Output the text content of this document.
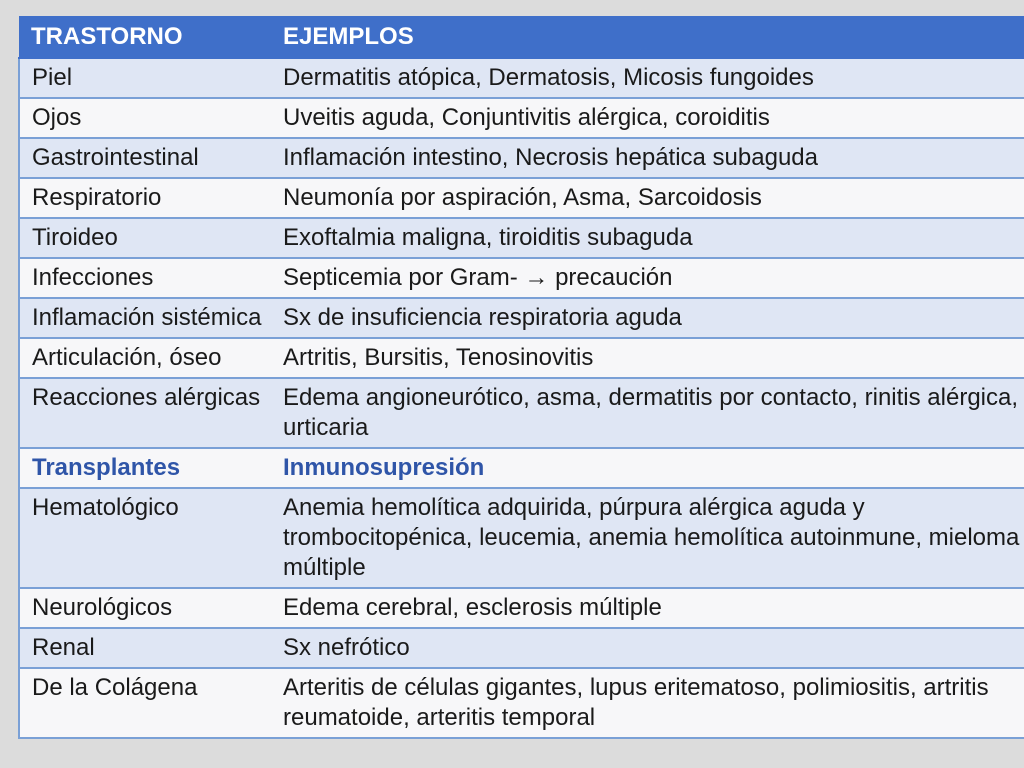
TRASTORNO	EJEMPLOS
Piel	Dermatitis atópica, Dermatosis, Micosis fungoides
Ojos	Uveitis aguda, Conjuntivitis alérgica, coroiditis
Gastrointestinal	Inflamación intestino, Necrosis hepática subaguda
Respiratorio	Neumonía por aspiración, Asma, Sarcoidosis
Tiroideo	Exoftalmia maligna, tiroiditis subaguda
Infecciones	Septicemia por Gram- → precaución
Inflamación sistémica	Sx de insuficiencia respiratoria aguda
Articulación, óseo	Artritis, Bursitis, Tenosinovitis
Reacciones alérgicas	Edema angioneurótico, asma, dermatitis por contacto, rinitis alérgica, urticaria
Transplantes	Inmunosupresión
Hematológico	Anemia hemolítica adquirida, púrpura alérgica aguda y trombocitopénica, leucemia, anemia hemolítica autoinmune, mieloma múltiple
Neurológicos	Edema cerebral, esclerosis múltiple
Renal	Sx nefrótico
De la Colágena	Arteritis de células gigantes, lupus eritematoso, polimiositis, artritis reumatoide, arteritis temporal
